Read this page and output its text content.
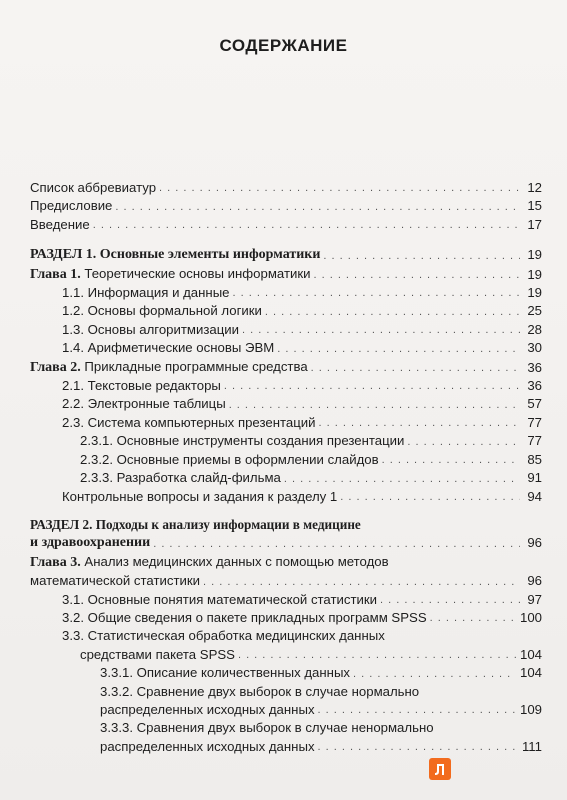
СОДЕРЖАНИЕ
Список аббревиатур . . .	12
Предисловие . . .	15
Введение . . .	17
РАЗДЕЛ 1. Основные элементы информатики . . .	19
Глава 1. Теоретические основы информатики . . .	19
1.1. Информация и данные . . .	19
1.2. Основы формальной логики . . .	25
1.3. Основы алгоритмизации . . .	28
1.4. Арифметические основы ЭВМ . . .	30
Глава 2. Прикладные программные средства . . .	36
2.1. Текстовые редакторы . . .	36
2.2. Электронные таблицы . . .	57
2.3. Система компьютерных презентаций . . .	77
2.3.1. Основные инструменты создания презентации . . .	77
2.3.2. Основные приемы в оформлении слайдов . . .	85
2.3.3. Разработка слайд-фильма . . .	91
Контрольные вопросы и задания к разделу 1 . . .	94
РАЗДЕЛ 2. Подходы к анализу информации в медицине
и здравоохранении . . .	96
Глава 3. Анализ медицинских данных с помощью методов
математической статистики . . .	96
3.1. Основные понятия математической статистики . . .	97
3.2. Общие сведения о пакете прикладных программ SPSS . . .	100
3.3. Статистическая обработка медицинских данных
средствами пакета SPSS . . .	104
3.3.1. Описание количественных данных . . .	104
3.3.2. Сравнение двух выборок в случае нормально
распределенных исходных данных . . .	109
3.3.3. Сравнения двух выборок в случае ненормально
распределенных исходных данных . . .	111
